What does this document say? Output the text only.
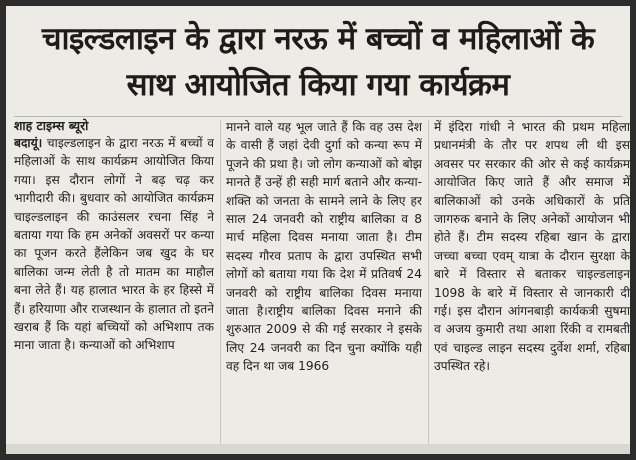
चाइल्डलाइन के द्वारा नरऊ में बच्चों व महिलाओं के साथ आयोजित किया गया कार्यक्रम
शाह टाइम्स ब्यूरो
बदायूं। चाइल्डलाइन के द्वारा नरऊ में बच्चों व महिलाओं के साथ कार्यक्रम आयोजित किया गया। इस दौरान लोगों ने बढ़ चढ़ कर भागीदारी की। बुधवार को आयोजित कार्यक्रम चाइल्डलाइन की काउंसलर रचना सिंह ने बताया गया कि हम अनेकों अवसरों पर कन्या का पूजन करते हैंलेकिन जब खुद के घर बालिका जन्म लेती है तो मातम का माहौल बना लेते हैं। यह हालात भारत के हर हिस्से में हैं। हरियाणा और राजस्थान के हालात तो इतने खराब हैं कि यहां बच्चियों को अभिशाप तक माना जाता है। कन्याओं को अभिशाप
मानने वाले यह भूल जाते हैं कि वह उस देश के वासी हैं जहां देवी दुर्गा को कन्या रूप में पूजने की प्रथा है। जो लोग कन्याओं को बोझ मानते हैं उन्हें ही सही मार्ग बताने और कन्या-शक्ति को जनता के सामने लाने के लिए हर साल 24 जनवरी को राष्ट्रीय बालिका व 8 मार्च महिला दिवस मनाया जाता है। टीम सदस्य गौरव प्रताप के द्वारा उपस्थित सभी लोगों को बताया गया कि देश में प्रतिवर्ष 24 जनवरी को राष्ट्रीय बालिका दिवस मनाया जाता है।राष्ट्रीय बालिका दिवस मनाने की शुरुआत 2009 से की गई सरकार ने इसके लिए 24 जनवरी का दिन चुना क्योंकि यही वह दिन था जब 1966
में इंदिरा गांधी ने भारत की प्रथम महिला प्रधानमंत्री के तौर पर शपथ ली थी इस अवसर पर सरकार की ओर से कई कार्यक्रम आयोजित किए जाते हैं और समाज में बालिकाओं को उनके अधिकारों के प्रति जागरुक बनाने के लिए अनेकों आयोजन भी होते हैं। टीम सदस्य रहिबा खान के द्वारा जच्चा बच्चा एवम् यात्रा के दौरान सुरक्षा के बारे में विस्तार से बताकर चाइल्डलाइन 1098 के बारे में विस्तार से जानकारी दी गई। इस दौरान आंगनबाड़ी कार्यकत्री सुषमा व अजय कुमारी तथा आशा रिंकी व रामबती एवं चाइल्ड लाइन सदस्य दुर्वेश शर्मा, रहिबा उपस्थित रहे।
